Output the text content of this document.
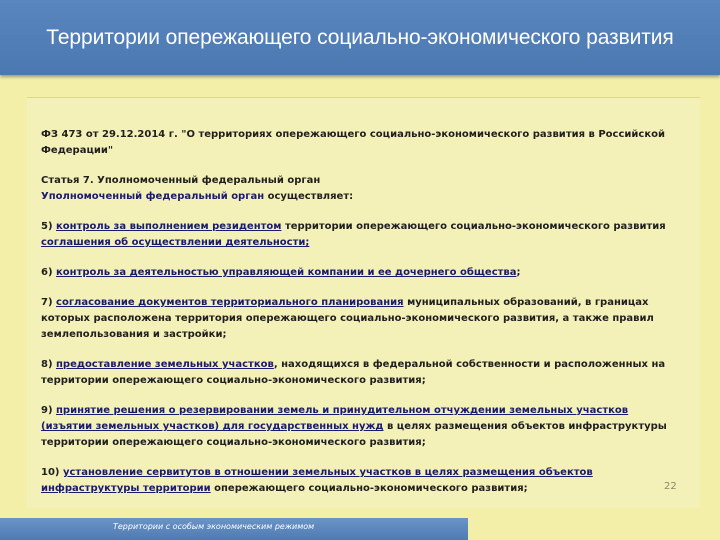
Территории опережающего социально-экономического развития

ФЗ 473 от 29.12.2014 г. "О территориях опережающего социально-экономического развития в Российской Федерации"

Статья 7. Уполномоченный федеральный орган
Уполномоченный федеральный орган осуществляет:

5) контроль за выполнением резидентом территории опережающего социально-экономического развития соглашения об осуществлении деятельности;

6) контроль за деятельностью управляющей компании и ее дочернего общества;

7) согласование документов территориального планирования муниципальных образований, в границах которых расположена территория опережающего социально-экономического развития, а также правил землепользования и застройки;

8) предоставление земельных участков, находящихся в федеральной собственности и расположенных на территории опережающего социально-экономического развития;

9) принятие решения о резервировании земель и принудительном отчуждении земельных участков (изъятии земельных участков) для государственных нужд в целях размещения объектов инфраструктуры территории опережающего социально-экономического развития;

10) установление сервитутов в отношении земельных участков в целях размещения объектов инфраструктуры территории опережающего социально-экономического развития;	22
Территории с особым экономическим режимом
